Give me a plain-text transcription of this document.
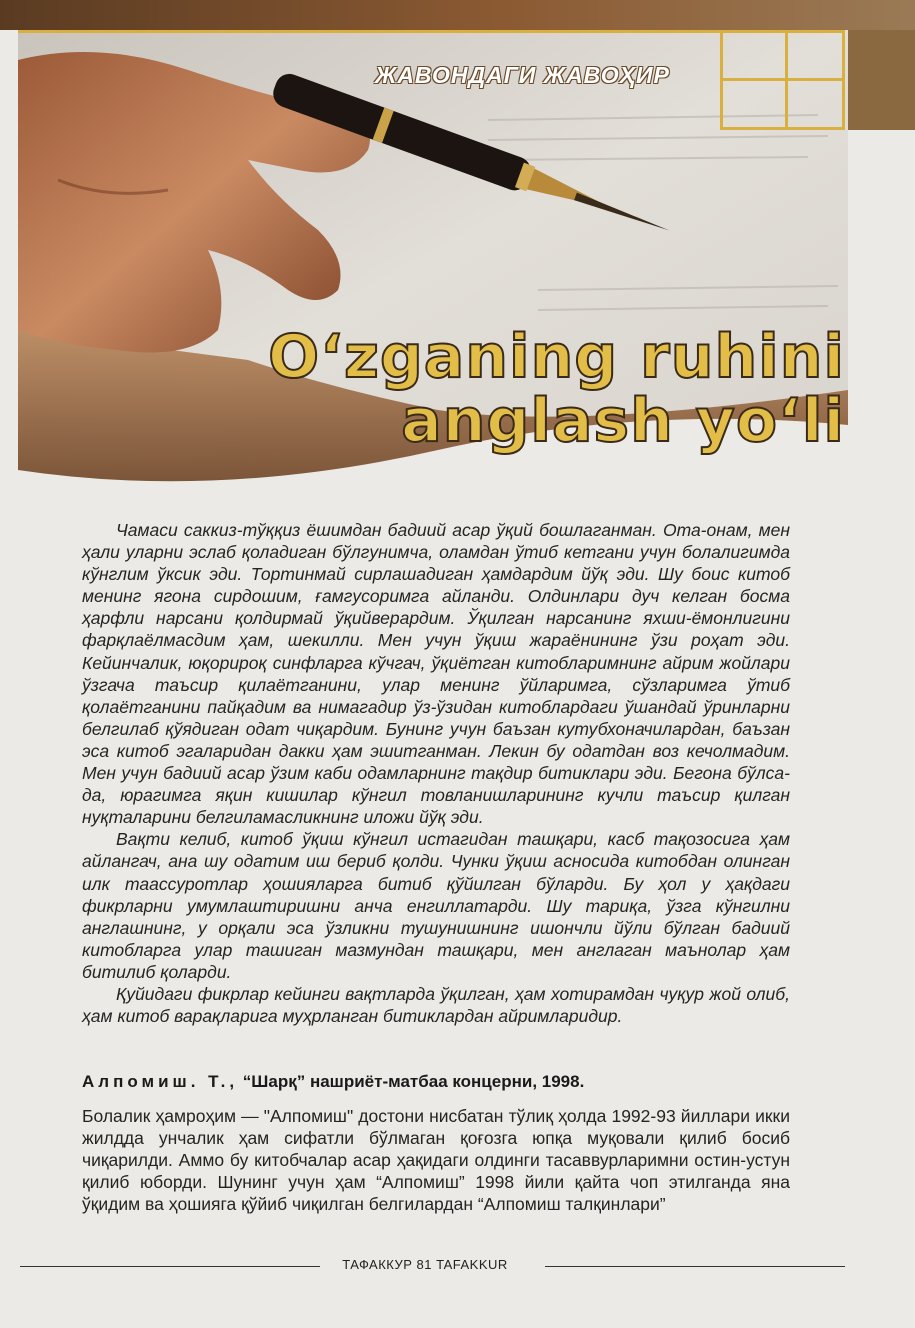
ЖАВОНДАГИ ЖАВОҲИР
O‘zganing ruhini
anglash yo‘li

Чамаси саккиз-тўққиз ёшимдан бадиий асар ўқий бошлаганман. Ота-онам, мен ҳали уларни эслаб қоладиган бўлгунимча, оламдан ўтиб кетгани учун болалигимда кўнглим ўксик эди. Тортинмай сирлашадиган ҳамдардим йўқ эди. Шу боис китоб менинг ягона сирдошим, ғамгусоримга айланди. Олдинлари дуч келган босма ҳарфли нарсани қолдирмай ўқийверардим. Ўқилган нарсанинг яхши-ёмонлигини фарқлаёлмасдим ҳам, шекилли. Мен учун ўқиш жараёнининг ўзи роҳат эди. Кейинчалик, юқорироқ синфларга кўчгач, ўқиётган китобларимнинг айрим жойлари ўзгача таъсир қилаётганини, улар менинг ўйларимга, сўзларимга ўтиб қолаётганини пайқадим ва нимагадир ўз-ўзидан китоблардаги ўшандай ўринларни белгилаб қўядиган одат чиқардим. Бунинг учун баъзан кутубхоначилардан, баъзан эса китоб эгаларидан дакки ҳам эшитганман. Лекин бу одатдан воз кечолмадим. Мен учун бадиий асар ўзим каби одамларнинг тақдир битиклари эди. Бегона бўлса-да, юрагимга яқин кишилар кўнгил товланишларининг кучли таъсир қилган нуқталарини белгиламасликнинг иложи йўқ эди.

Вақти келиб, китоб ўқиш кўнгил истагидан ташқари, касб тақозосига ҳам айлангач, ана шу одатим иш бериб қолди. Чунки ўқиш асносида китобдан олинган илк таассуротлар ҳошияларга битиб қўйилган бўларди. Бу ҳол у ҳақдаги фикрларни умумлаштиришни анча енгиллатарди. Шу тариқа, ўзга кўнгилни англашнинг, у орқали эса ўзликни тушунишнинг ишончли йўли бўлган бадиий китобларга улар ташиган мазмундан ташқари, мен англаган маънолар ҳам битилиб қоларди.

Қуйидаги фикрлар кейинги вақтларда ўқилган, ҳам хотирамдан чуқур жой олиб, ҳам китоб варақларига муҳрланган битиклардан айримларидир.

Алпомиш. Т., “Шарқ” нашриёт-матбаа концерни, 1998.

Болалик ҳамроҳим — "Алпомиш" достони нисбатан тўлиқ ҳолда 1992-93 йиллари икки жилдда унчалик ҳам сифатли бўлмаган қоғозга юпқа муқовали қилиб босиб чиқарилди. Аммо бу китобчалар асар ҳақидаги олдинги тасаввурларимни остин-устун қилиб юборди. Шунинг учун ҳам “Алпомиш” 1998 йили қайта чоп этилганда яна ўқидим ва ҳошияга қўйиб чиқилган белгилардан “Алпомиш талқинлари”

ТАФАККУР 81 TAFAKKUR
